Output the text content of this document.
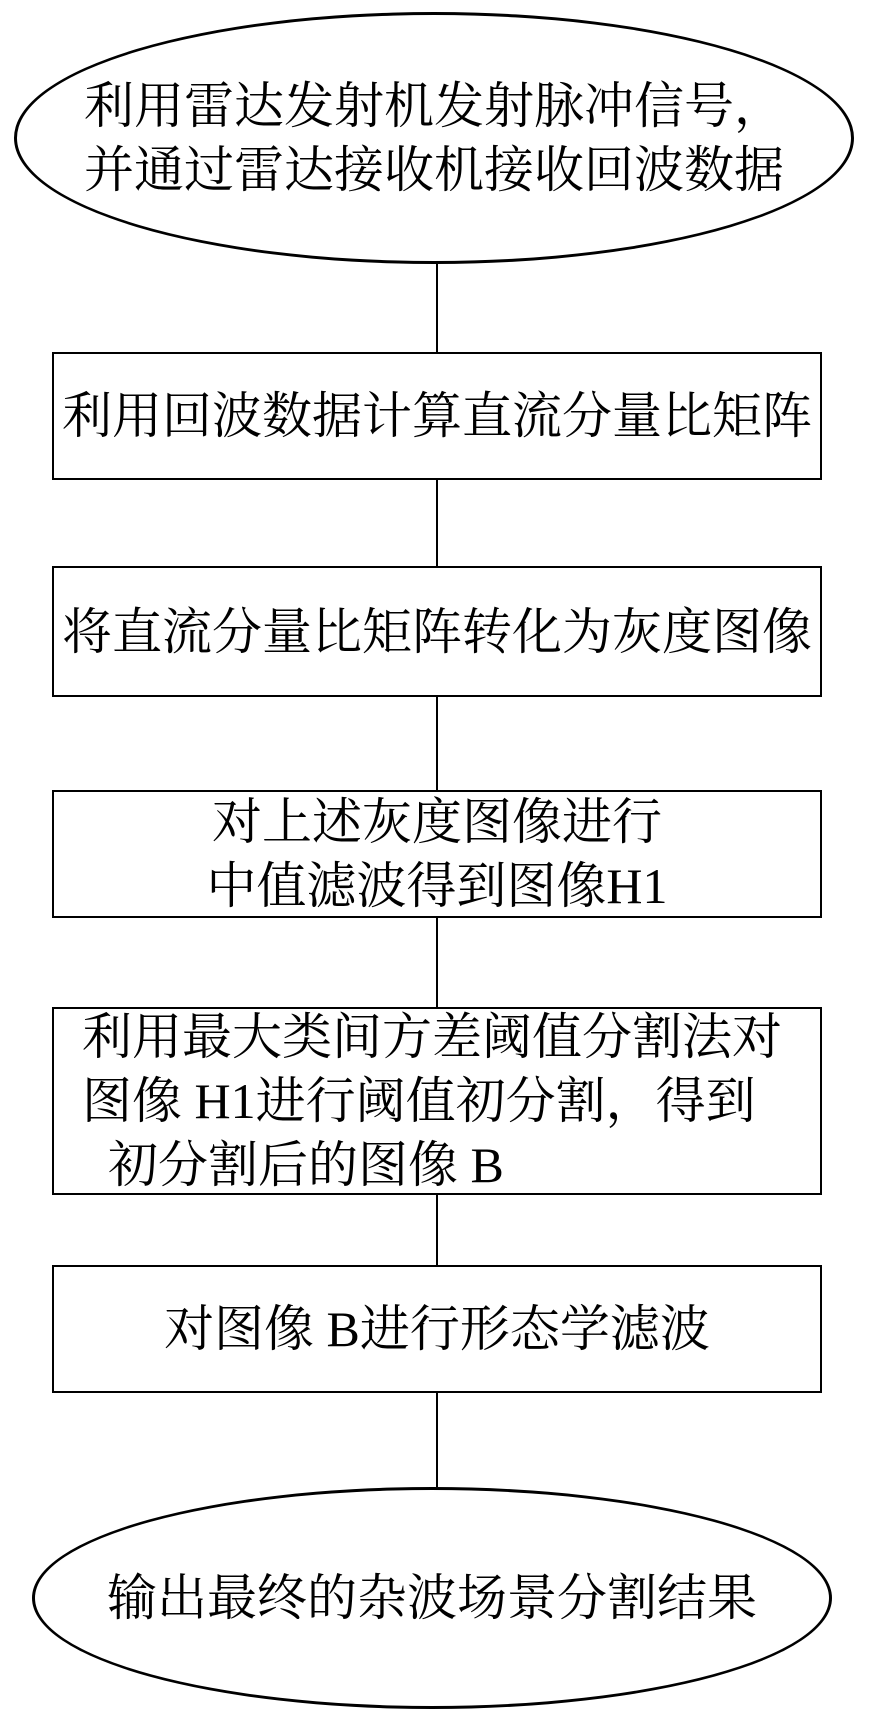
利用雷达发射机发射脉冲信号，
并通过雷达接收机接收回波数据
利用回波数据计算直流分量比矩阵
将直流分量比矩阵转化为灰度图像
对上述灰度图像进行
中值滤波得到图像H1
利用最大类间方差阈值分割法对
图像 H1进行阈值初分割，得到
初分割后的图像 B
对图像 B进行形态学滤波
输出最终的杂波场景分割结果
